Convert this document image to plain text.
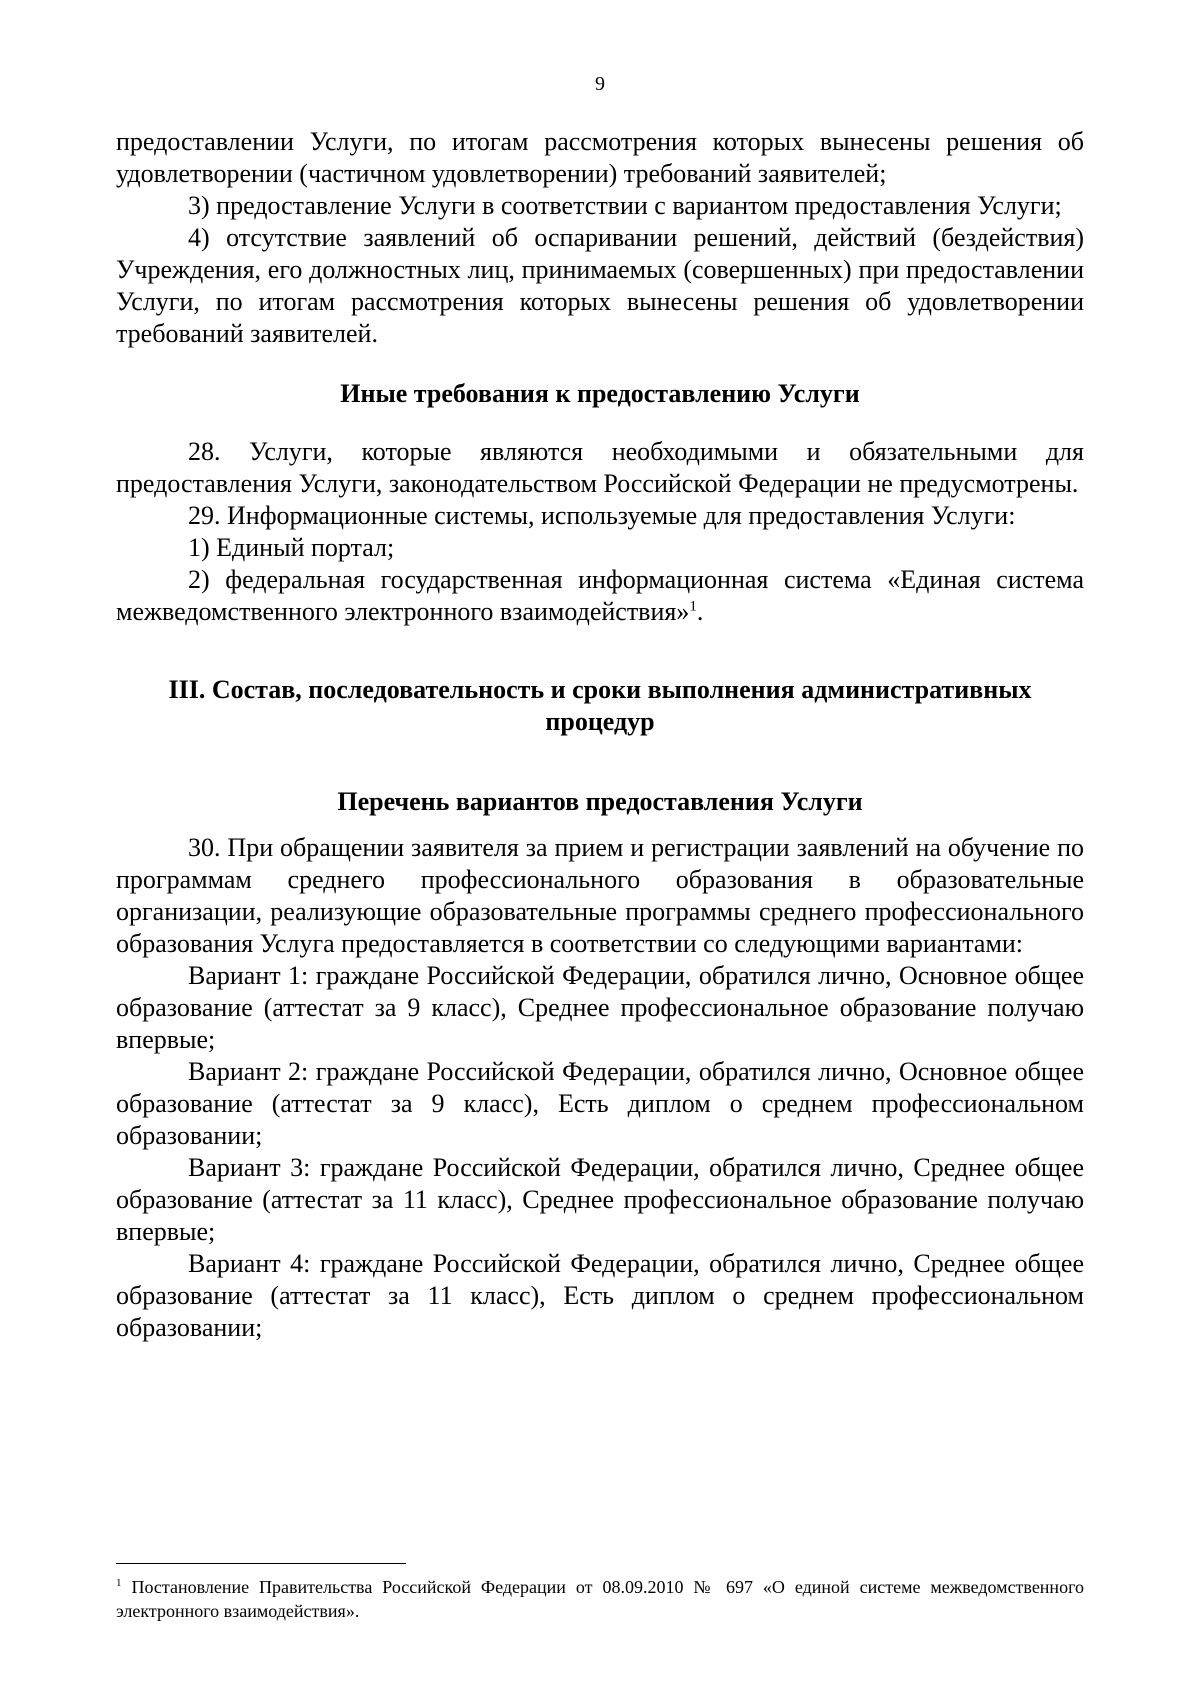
9

предоставлении Услуги, по итогам рассмотрения которых вынесены решения об удовлетворении (частичном удовлетворении) требований заявителей;

3) предоставление Услуги в соответствии с вариантом предоставления Услуги;

4) отсутствие заявлений об оспаривании решений, действий (бездействия) Учреждения, его должностных лиц, принимаемых (совершенных) при предоставлении Услуги, по итогам рассмотрения которых вынесены решения об удовлетворении требований заявителей.

Иные требования к предоставлению Услуги

28. Услуги, которые являются необходимыми и обязательными для предоставления Услуги, законодательством Российской Федерации не предусмотрены.

29. Информационные системы, используемые для предоставления Услуги:

1) Единый портал;

2) федеральная государственная информационная система «Единая система межведомственного электронного взаимодействия»$^1$.

III. Состав, последовательность и сроки выполнения административных

процедур

Перечень вариантов предоставления Услуги

30. При обращении заявителя за прием и регистрации заявлений на обучение по программам среднего профессионального образования в образовательные организации, реализующие образовательные программы среднего профессионального образования Услуга предоставляется в соответствии со следующими вариантами:

Вариант 1: граждане Российской Федерации, обратился лично, Основное общее образование (аттестат за 9 класс), Среднее профессиональное образование получаю впервые;

Вариант 2: граждане Российской Федерации, обратился лично, Основное общее образование (аттестат за 9 класс), Есть диплом о среднем профессиональном образовании;

Вариант 3: граждане Российской Федерации, обратился лично, Среднее общее образование (аттестат за 11 класс), Среднее профессиональное образование получаю впервые;

Вариант 4: граждане Российской Федерации, обратился лично, Среднее общее образование (аттестат за 11 класс), Есть диплом о среднем профессиональном образовании;

$^1$ Постановление Правительства Российской Федерации от 08.09.2010 № 697 «О единой системе межведомственного электронного взаимодействия».
